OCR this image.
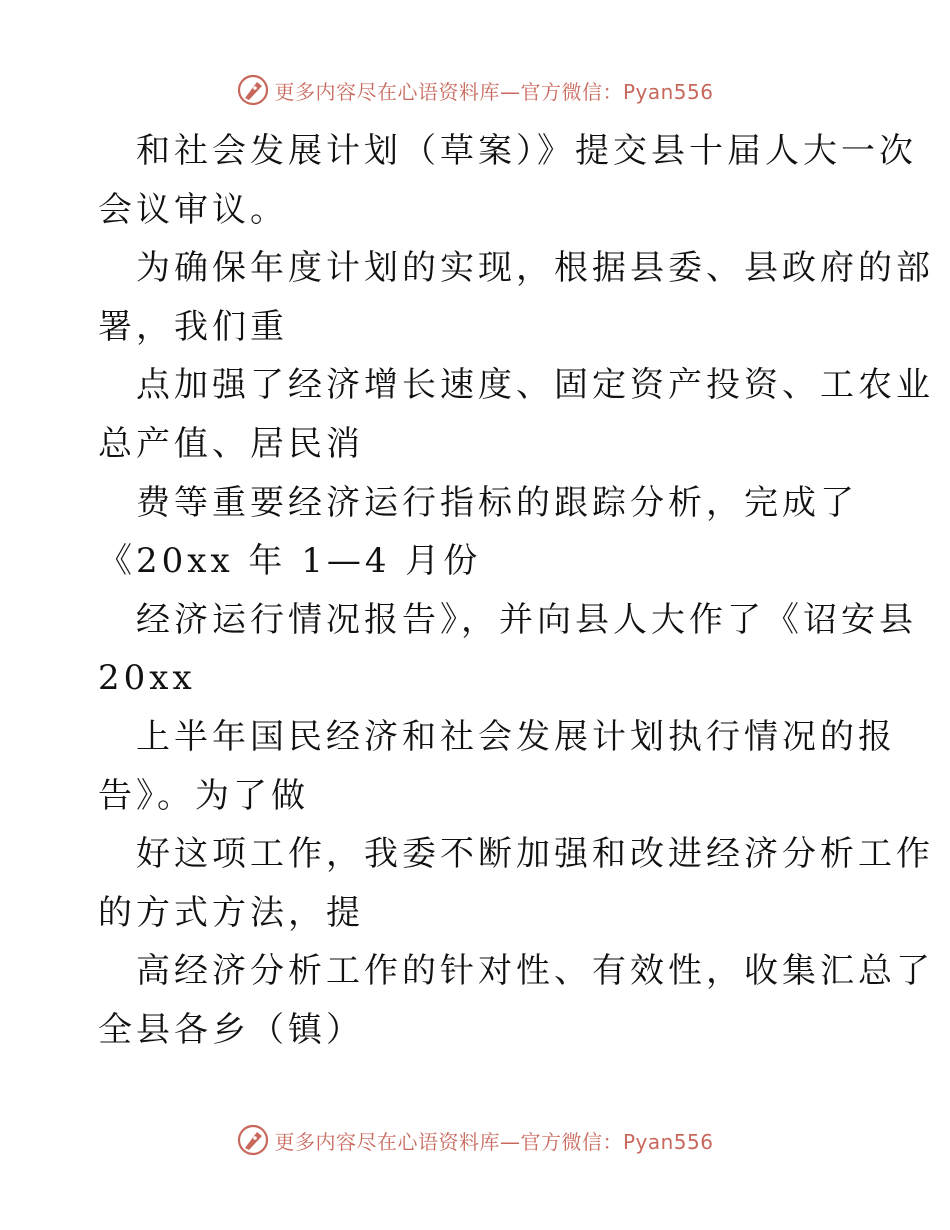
更多内容尽在心语资料库—官方微信：Pyan556
和社会发展计划（草案）》提交县十届人大一次
会议审议。
为确保年度计划的实现，根据县委、县政府的部
署，我们重
点加强了经济增长速度、固定资产投资、工农业
总产值、居民消
费等重要经济运行指标的跟踪分析，完成了
《20xx 年 1—4 月份
经济运行情况报告》，并向县人大作了《诏安县
20xx
上半年国民经济和社会发展计划执行情况的报
告》。为了做
好这项工作，我委不断加强和改进经济分析工作
的方式方法，提
高经济分析工作的针对性、有效性，收集汇总了
全县各乡（镇）
更多内容尽在心语资料库—官方微信：Pyan556
